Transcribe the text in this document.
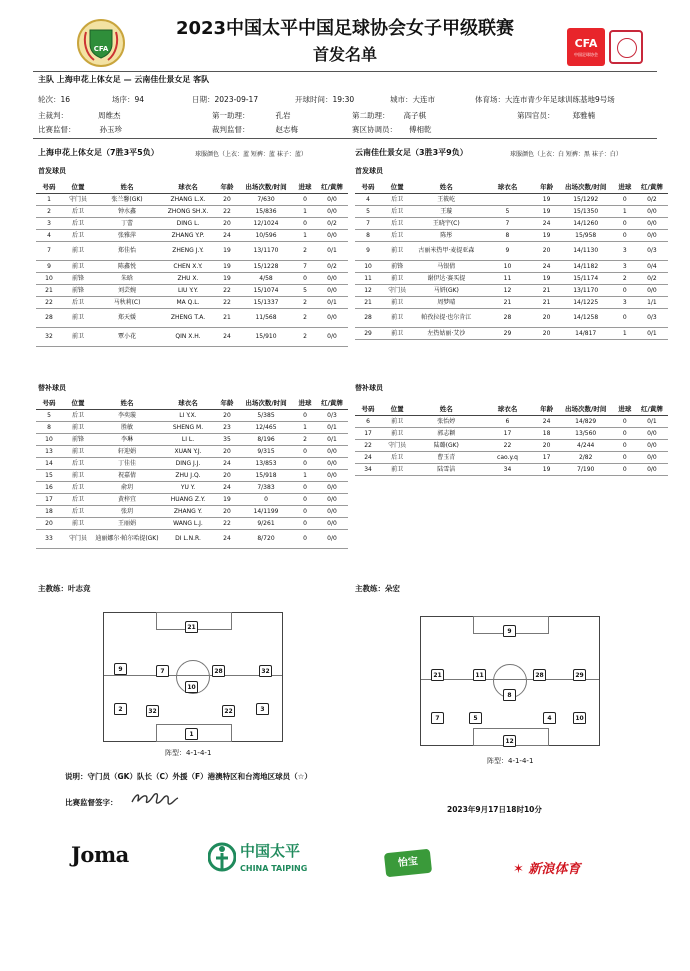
CFA
2023中国太平中国足球协会女子甲级联赛
首发名单
CFA
中国足球协会
主队 上海申花上体女足 — 云南佳仕景女足 客队
轮次：16	场序：94	日期：2023-09-17	开球时间：19:30	城市：大连市	体育场：大连市青少年足球训练基地9号场
主裁判：	周维杰	第一助理：	孔岩	第二助理： 高子棋	第四官员： 郑雅楠
比赛监督：	孙玉珍	裁判监督：	赵志梅	赛区协调员： 傅相乾
上海申花上体女足（7胜3平5负）	球服颜色（上衣：蓝 短裤：蓝 袜子：蓝）	云南佳仕景女足（3胜3平9负）	球服颜色（上衣：白 短裤：黑 袜子：白）
首发球员	首发球员
号码	位置	姓名	球衣名	年龄	出场次数/时间	进球	红/黄牌
1	守门员	张兰馨(GK)	ZHANG L.X.	20	7/630	0	0/0
2	后卫	钟水鑫	ZHONG SH.X.	22	15/836	1	0/0
3	后卫	丁蕾	DING L.	20	12/1024	0	0/2
4	后卫	张雅萍	ZHANG Y.P.	24	10/596	1	0/0
7	前卫	郑佳怡	ZHENG J.Y.	19	13/1170	2	0/1
9	前卫	陈鑫悦	CHEN X.Y.	19	15/1228	7	0/2
10	前锋	朱晗	ZHU X.	19	4/58	0	0/0
21	前锋	刘芸婉	LIU Y.Y.	22	15/1074	5	0/0
22	后卫	马秋莉(C)	MA Q.L.	22	15/1337	2	0/1
28	前卫	郑天媛	ZHENG T.A.	21	11/568	2	0/0
32	前卫	覃小花	QIN X.H.	24	15/910	2	0/0
号码	位置	姓名	球衣名	年龄	出场次数/时间	进球	红/黄牌
4	后卫	王筱屹		19	15/1292	0	0/2
5	后卫	王璇	5	19	15/1350	1	0/0
7	后卫	王晓宇(C)	7	24	14/1260	0	0/0
8	后卫	陈彤	8	19	15/958	0	0/0
9	前卫	古丽米热甲·麦提亚森	9	20	14/1130	3	0/3
10	前锋	马银倩	10	24	14/1182	3	0/4
11	前卫	谢伊达·赛买提	11	19	15/1174	2	0/2
12	守门员	马妍(GK)	12	21	13/1170	0	0/0
21	前卫	周梦晴	21	21	14/1225	3	1/1
28	前卫	帕孜拉提·也尔肯江	28	20	14/1258	0	0/3
29	前卫	左热姑丽·艾沙	29	20	14/817	1	0/1
替补球员	替补球员
号码	位置	姓名	球衣名	年龄	出场次数/时间	进球	红/黄牌
5	后卫	李奕璇	LI Y.X.	20	5/385	0	0/3
8	前卫	胜敏	SHENG M.	23	12/465	1	0/1
10	前锋	李琳	LI L.	35	8/196	2	0/1
13	前卫	轩迎娟	XUAN Y.J.	20	9/315	0	0/0
14	后卫	丁佳佳	DING J.J.	24	13/853	0	0/0
15	前卫	祝嘉倩	ZHU J.Q.	20	15/918	1	0/0
16	后卫	俞玥	YU Y.	24	7/383	0	0/0
17	后卫	黄梓宜	HUANG Z.Y.	19	0	0	0/0
18	后卫	张玥	ZHANG Y.	20	14/1199	0	0/0
20	前卫	王丽娟	WANG L.J.	22	9/261	0	0/0
33	守门员	迪丽娜尔·帕尔哈提(GK)	DI L.N.R.	24	8/720	0	0/0
号码	位置	姓名	球衣名	年龄	出场次数/时间	进球	红/黄牌
6	前卫	张怡婷	6	24	14/829	0	0/1
17	前卫	郭志颖	17	18	13/560	0	0/0
22	守门员	陆璐(GK)	22	20	4/244	0	0/0
24	后卫	曹玉青	cao.y.q	17	2/82	0	0/0
34	前卫	陆雪洁	34	19	7/190	0	0/0
主教练：叶志竞	主教练：朵宏
21
9	7	28	32
10
2	32	22	3
1
阵型：4-1-4-1
9
21	11	28	29
8
7	5	4	10
12
阵型：4-1-4-1
说明：守门员（GK）队长（C）外援（F）港澳特区和台湾地区球员（☆）
比赛监督签字：
2023年9月17日18时10分
Joma	中国太平
CHINA TAIPING	怡宝	✶ 新浪体育
